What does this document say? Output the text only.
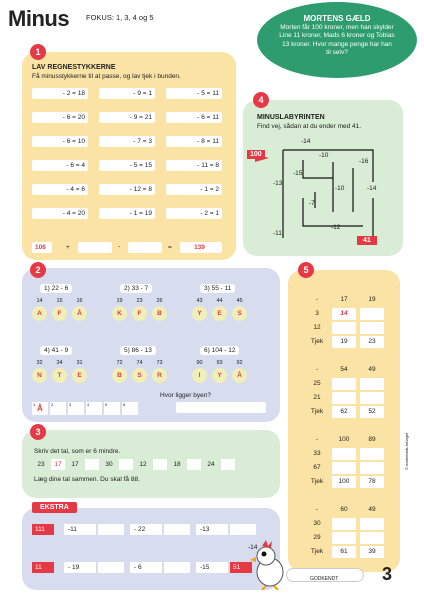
Minus FOKUS: 1, 3, 4 og 5	MORTENS GÆLD

Morten får 100 kroner, men han skylder Line 11 kroner, Mads 6 kroner og Tobias 13 kroner. Hvor mange penge har han til selv?

1
LAV REGNESTYKKERNE
Få minusstykkerne til at passe, og lav tjek i bunden.
- 2 = 18	- 9 = 1	- 5 = 11
- 6 = 20	- 9 = 21	- 6 = 11
- 6 = 10	- 7 = 3	- 8 = 11
- 6 = 4	- 5 = 15	- 11 = 8
- 4 = 6	- 12 = 8	- 1 = 2
- 4 = 20	- 1 = 19	- 2 = 1
106	+	-	=	139
4
MINUSLABYRINTEN
Find vej, sådan at du ender med 41.
100
41
-14
-10
-16
-15
-13
-10	-14
-7
-12
-11
2
1) 22 - 6
14
A
15
F
16
Å
2) 33 - 7
19
K
23
F
26
B
3) 55 - 11
43
Y
44
E
45
S
4) 41 - 9
32
N
34
T
31
E
5) 86 - 13
72
B
74
S
73
R
6) 104 - 12
90
I
93
Y
92
Å
1 Å 2	3	4	5	6
Hvor ligger byen?
3
Skriv det tal, som er 6 mindre.
23	17	17	30	12	18	24
Læg dine tal sammen. Du skal få 88.
111	-11	- 22	-13
11	- 19	- 6	-15	51
-14
EKSTRA
5
-	17	19
3	14
12
Tjek	19	23
-	54	49
25
21
Tjek	62	52
-	100	89
33
67
Tjek	100	78
-	60	49
30
29
Tjek	61	39
© matematik-forlaget
GODKENDT 3
